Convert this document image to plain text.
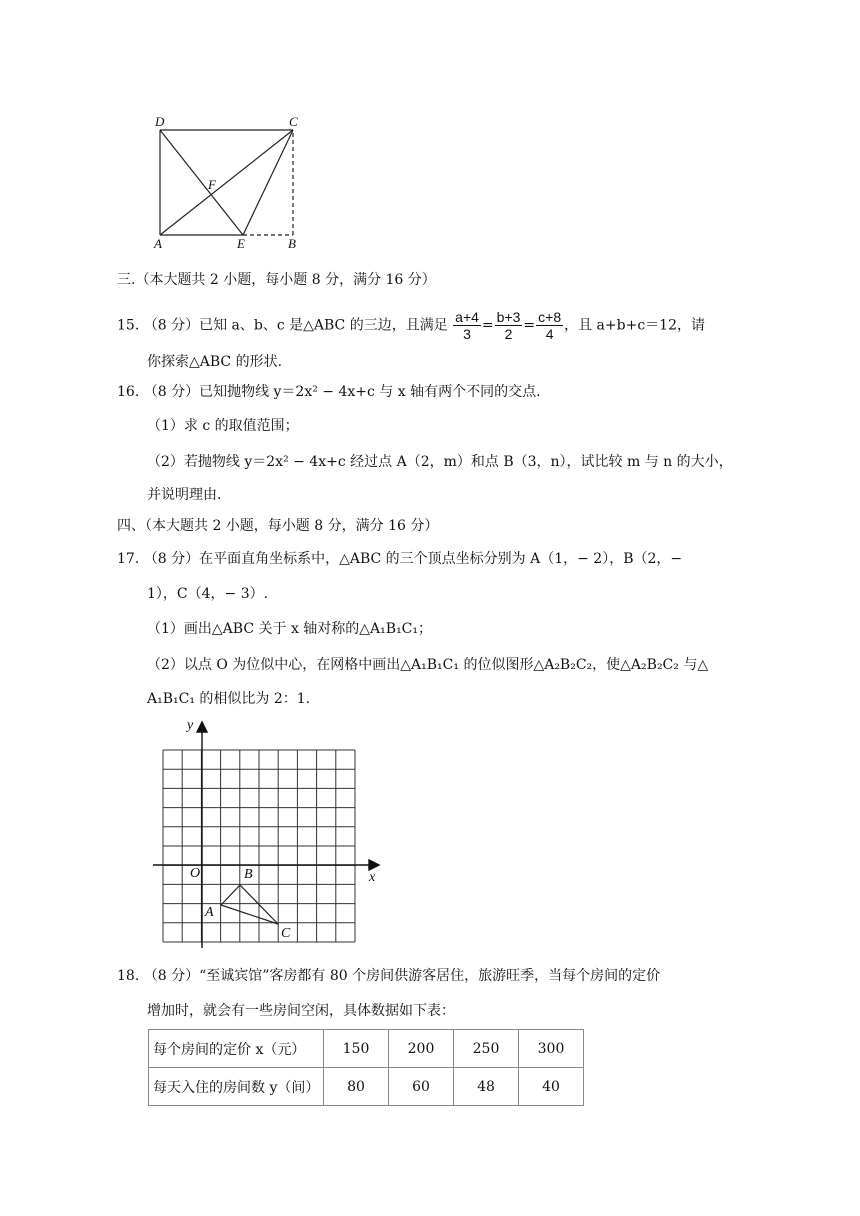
D	C
F
A	E	B
三.（本大题共 2 小题，每小题 8 分，满分 16 分）
15. （8 分）已知 a、b、c 是△ABC 的三边，且满足 $\frac{a+4}{3} = \frac{b+3}{2} = \frac{c+8}{4}$ ，且 a+b+c＝12，请
你探索△ABC 的形状.
16. （8 分）已知抛物线 y＝2x² − 4x+c 与 x 轴有两个不同的交点.
（1）求 c 的取值范围；
（2）若抛物线 y＝2x² − 4x+c 经过点 A（2，m）和点 B（3，n），试比较 m 与 n 的大小，
并说明理由.
四、（本大题共 2 小题，每小题 8 分，满分 16 分）
17. （8 分）在平面直角坐标系中，△ABC 的三个顶点坐标分别为 A（1，− 2），B（2，−
1），C（4，− 3）.
（1）画出△ABC 关于 x 轴对称的△A₁B₁C₁；
（2）以点 O 为位似中心，在网格中画出△A₁B₁C₁ 的位似图形△A₂B₂C₂，使△A₂B₂C₂ 与△
A₁B₁C₁ 的相似比为 2：1.
y
x
O	B
A
C
18. （8 分）“至诚宾馆”客房都有 80 个房间供游客居住，旅游旺季，当每个房间的定价
增加时，就会有一些房间空闲，具体数据如下表：
每个房间的定价 x（元）	150	200	250	300
每天入住的房间数 y（间）	80	60	48	40
